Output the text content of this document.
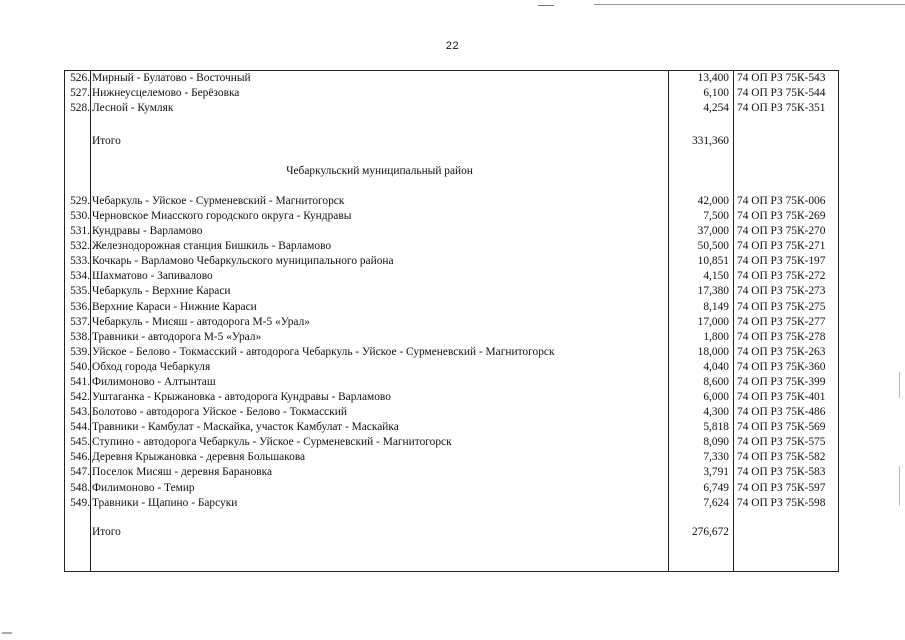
22
526. Мирный - Булатово - Восточный	13,400 74 ОП РЗ 75К-543
527. Нижнеусцелемово - Берёзовка	6,100 74 ОП РЗ 75К-544
528. Лесной - Кумляк	4,254 74 ОП РЗ 75К-351
Итого	331,360
Чебаркульский муниципальный район
529. Чебаркуль - Уйское - Сурменевский - Магнитогорск	42,000 74 ОП РЗ 75К-006
530. Черновское Миасского городского округа - Кундравы	7,500 74 ОП РЗ 75К-269
531. Кундравы - Варламово	37,000 74 ОП РЗ 75К-270
532. Железнодорожная станция Бишкиль - Варламово	50,500 74 ОП РЗ 75К-271
533. Кочкарь - Варламово Чебаркульского муниципального района	10,851 74 ОП РЗ 75К-197
534. Шахматово - Запивалово	4,150 74 ОП РЗ 75К-272
535. Чебаркуль - Верхние Караси	17,380 74 ОП РЗ 75К-273
536. Верхние Караси - Нижние Караси	8,149 74 ОП РЗ 75К-275
537. Чебаркуль - Мисяш - автодорога М-5 «Урал»	17,000 74 ОП РЗ 75К-277
538. Травники - автодорога М-5 «Урал»	1,800 74 ОП РЗ 75К-278
539. Уйское - Белово - Токмасский - автодорога Чебаркуль - Уйское - Сурменевский - Магнитогорск	18,000 74 ОП РЗ 75К-263
540. Обход города Чебаркуля	4,040 74 ОП РЗ 75К-360
541. Филимоново - Алтынташ	8,600 74 ОП РЗ 75К-399
542. Уштаганка - Крыжановка - автодорога Кундравы - Варламово	6,000 74 ОП РЗ 75К-401
543. Болотово - автодорога Уйское - Белово - Токмасский	4,300 74 ОП РЗ 75К-486
544. Травники - Камбулат - Маскайка, участок Камбулат - Маскайка	5,818 74 ОП РЗ 75К-569
545. Ступино - автодорога Чебаркуль - Уйское - Сурменевский - Магнитогорск	8,090 74 ОП РЗ 75К-575
546. Деревня Крыжановка - деревня Большакова	7,330 74 ОП РЗ 75К-582
547. Поселок Мисяш - деревня Барановка	3,791 74 ОП РЗ 75К-583
548. Филимоново - Темир	6,749 74 ОП РЗ 75К-597
549. Травники - Щапино - Барсуки	7,624 74 ОП РЗ 75К-598
Итого	276,672
